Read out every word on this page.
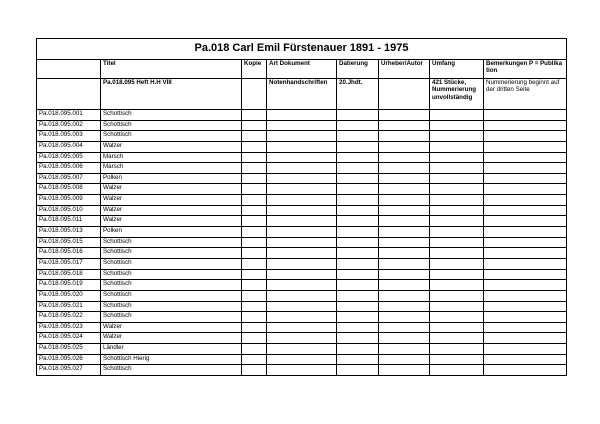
Pa.018 Carl Emil Fürstenauer 1891 - 1975							
	Titel	Kopie	Art Dokument	Datierung	Urheber/Autor	Umfang	Bemerkungen P = Publikation
	Pa.018.095 Heft H.H VIII		Notenhandschriften	20.Jhdt.		421 Stücke, Nummerierung unvollständig	Nummerierung beginnt auf der dritten Seite
Pa.018.095.001	Schottisch						
Pa.018.095.002	Schottisch						
Pa.018.095.003	Schottisch						
Pa.018.095.004	Walzer						
Pa.018.095.005	Marsch						
Pa.018.095.006	Marsch						
Pa.018.095.007	Polken						
Pa.018.095.008	Walzer						
Pa.018.095.009	Walzer						
Pa.018.095.010	Walzer						
Pa.018.095.011	Walzer						
Pa.018.095.013	Polken						
Pa.018.095.015	Schottisch						
Pa.018.095.016	Schottisch						
Pa.018.095.017	Schottisch						
Pa.018.095.018	Schottisch						
Pa.018.095.019	Schottisch						
Pa.018.095.020	Schottisch						
Pa.018.095.021	Schottisch						
Pa.018.095.022	Schottisch						
Pa.018.095.023	Walzer						
Pa.018.095.024	Walzer						
Pa.018.095.025	Ländler						
Pa.018.095.026	Schottisch Hierig						
Pa.018.095.027	Schottisch						
